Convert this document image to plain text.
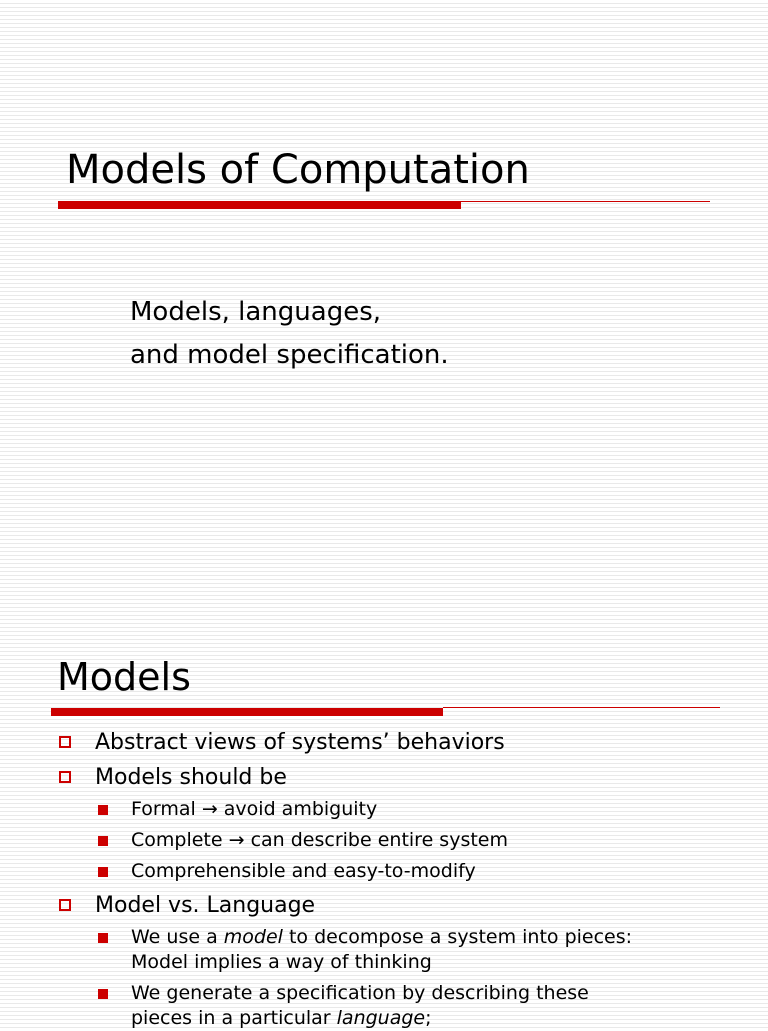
Models of Computation
Models, languages,
and model specification.
Models
Abstract views of systems’ behaviors
Models should be
Formal → avoid ambiguity
Complete → can describe entire system
Comprehensible and easy-to-modify
Model vs. Language
We use a model to decompose a system into pieces:
Model implies a way of thinking
We generate a specification by describing these
pieces in a particular language;
